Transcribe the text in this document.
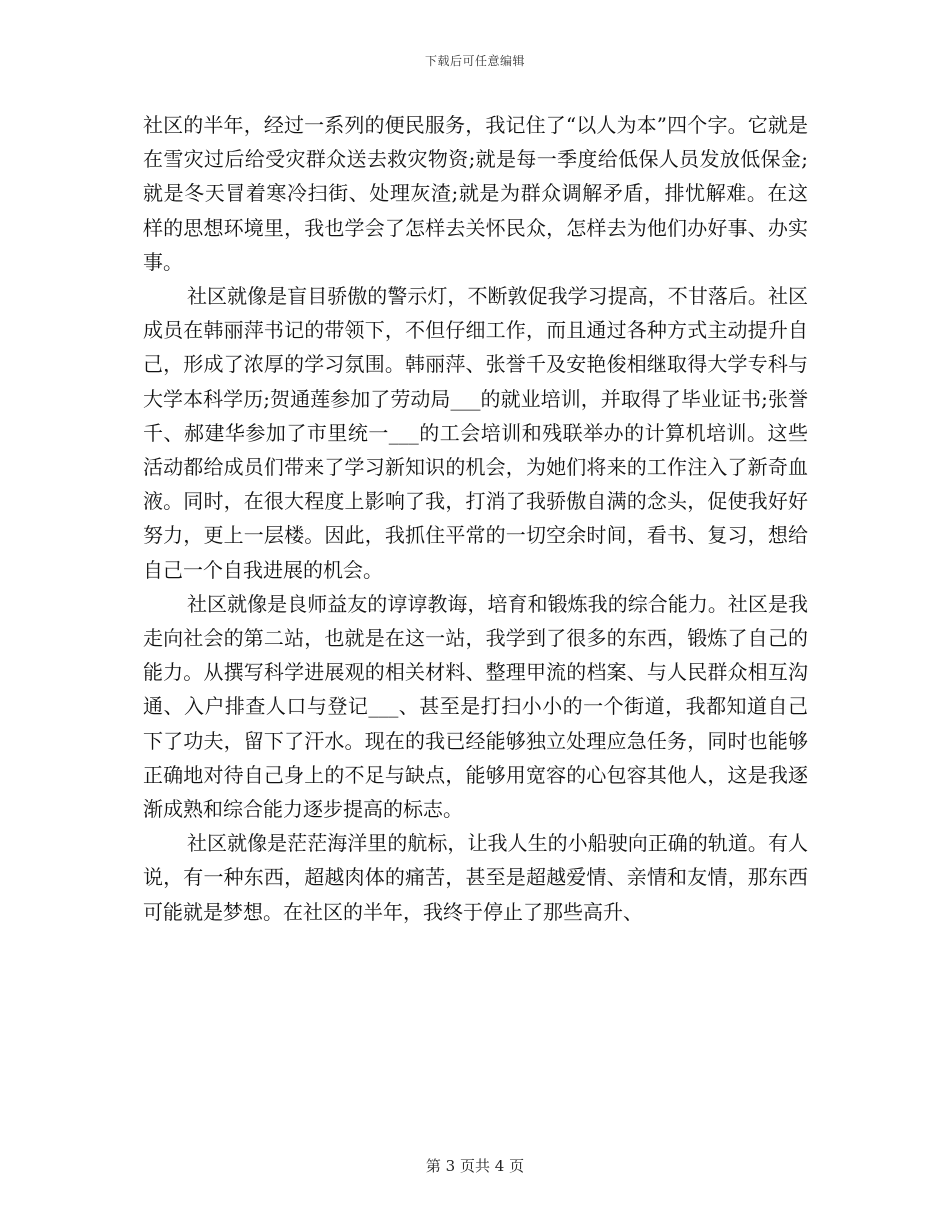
下载后可任意编辑

社区的半年，经过一系列的便民服务，我记住了“以人为本”四个字。它就是在雪灾过后给受灾群众送去救灾物资;就是每一季度给低保人员发放低保金;就是冬天冒着寒冷扫街、处理灰渣;就是为群众调解矛盾，排忧解难。在这样的思想环境里，我也学会了怎样去关怀民众，怎样去为他们办好事、办实事。

社区就像是盲目骄傲的警示灯，不断敦促我学习提高，不甘落后。社区成员在韩丽萍书记的带领下，不但仔细工作，而且通过各种方式主动提升自己，形成了浓厚的学习氛围。韩丽萍、张誉千及安艳俊相继取得大学专科与大学本科学历;贺通莲参加了劳动局___的就业培训，并取得了毕业证书;张誉千、郝建华参加了市里统一___的工会培训和残联举办的计算机培训。这些活动都给成员们带来了学习新知识的机会，为她们将来的工作注入了新奇血液。同时，在很大程度上影响了我，打消了我骄傲自满的念头，促使我好好努力，更上一层楼。因此，我抓住平常的一切空余时间，看书、复习，想给自己一个自我进展的机会。

社区就像是良师益友的谆谆教诲，培育和锻炼我的综合能力。社区是我走向社会的第二站，也就是在这一站，我学到了很多的东西，锻炼了自己的能力。从撰写科学进展观的相关材料、整理甲流的档案、与人民群众相互沟通、入户排查人口与登记___、甚至是打扫小小的一个街道，我都知道自己下了功夫，留下了汗水。现在的我已经能够独立处理应急任务，同时也能够正确地对待自己身上的不足与缺点，能够用宽容的心包容其他人，这是我逐渐成熟和综合能力逐步提高的标志。

社区就像是茫茫海洋里的航标，让我人生的小船驶向正确的轨道。有人说，有一种东西，超越肉体的痛苦，甚至是超越爱情、亲情和友情，那东西可能就是梦想。在社区的半年，我终于停止了那些高升、

第 3 页共 4 页
